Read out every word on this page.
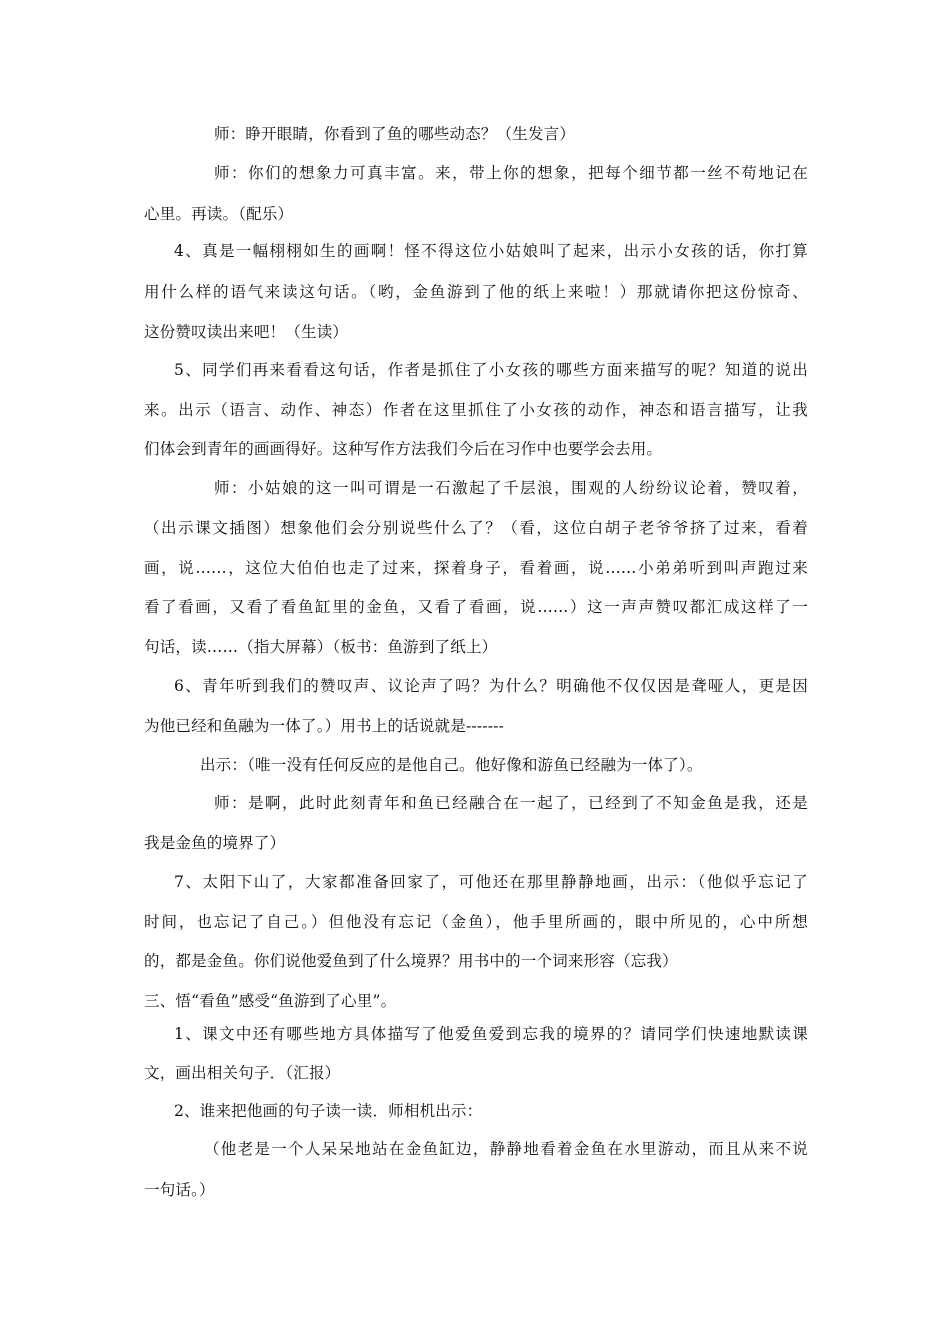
师：睁开眼睛，你看到了鱼的哪些动态？（生发言）
师：你们的想象力可真丰富。来，带上你的想象，把每个细节都一丝不苟地记在
心里。再读。（配乐）
4、真是一幅栩栩如生的画啊！怪不得这位小姑娘叫了起来，出示小女孩的话，你打算
用什么样的语气来读这句话。（哟，金鱼游到了他的纸上来啦！）那就请你把这份惊奇、
这份赞叹读出来吧！（生读）
5、同学们再来看看这句话，作者是抓住了小女孩的哪些方面来描写的呢？知道的说出
来。出示（语言、动作、神态）作者在这里抓住了小女孩的动作，神态和语言描写，让我
们体会到青年的画画得好。这种写作方法我们今后在习作中也要学会去用。
师：小姑娘的这一叫可谓是一石激起了千层浪，围观的人纷纷议论着，赞叹着，
（出示课文插图）想象他们会分别说些什么了？（看，这位白胡子老爷爷挤了过来，看着
画，说……，这位大伯伯也走了过来，探着身子，看着画，说……小弟弟听到叫声跑过来
看了看画，又看了看鱼缸里的金鱼，又看了看画，说……）这一声声赞叹都汇成这样了一
句话，读……（指大屏幕）（板书：鱼游到了纸上）
6、青年听到我们的赞叹声、议论声了吗？为什么？明确他不仅仅因是聋哑人，更是因
为他已经和鱼融为一体了。）用书上的话说就是-------
出示：（唯一没有任何反应的是他自己。他好像和游鱼已经融为一体了）。
师：是啊，此时此刻青年和鱼已经融合在一起了，已经到了不知金鱼是我，还是
我是金鱼的境界了）
7、太阳下山了，大家都准备回家了，可他还在那里静静地画，出示：（他似乎忘记了
时间，也忘记了自己。）但他没有忘记（金鱼），他手里所画的，眼中所见的，心中所想
的，都是金鱼。你们说他爱鱼到了什么境界？用书中的一个词来形容（忘我）
三、悟“看鱼”感受“鱼游到了心里”。
1、课文中还有哪些地方具体描写了他爱鱼爱到忘我的境界的？请同学们快速地默读课
文，画出相关句子．（汇报）
2、谁来把他画的句子读一读．师相机出示：
（他老是一个人呆呆地站在金鱼缸边，静静地看着金鱼在水里游动，而且从来不说
一句话。）
